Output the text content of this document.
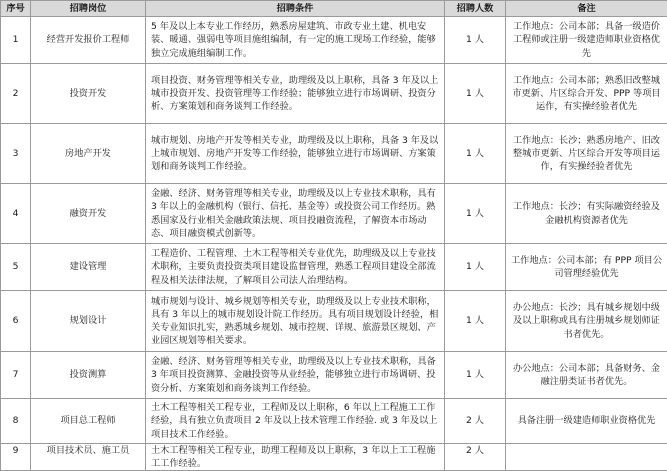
序号	招聘岗位	招聘条件	招聘人数	备注
1	经营开发报价工程师	5 年及以上本专业工作经历，熟悉房屋建筑、市政专业土建、机电安装、暖通、强弱电等项目施组编制，有一定的施工现场工作经验，能够独立完成施组编制工作。	1 人	工作地点：公司本部；具备一级造价工程师或注册一级建造师职业资格优先
2	投资开发	项目投资、财务管理等相关专业，助理级及以上职称，具备 3 年及以上城市投资开发、投资管理等工作经验；能够独立进行市场调研、投资分析、方案策划和商务谈判工作经验。	1 人	工作地点：公司本部；熟悉旧改整城市更新、片区综合开发、PPP 等项目运作，有实操经验者优先
3	房地产开发	城市规划、房地产开发等相关专业，助理级及以上职称，具备 3 年及以上城市规划、房地产开发等工作经验，能够独立进行市场调研、方案策划和商务谈判工作经验。	1 人	工作地点：长沙；熟悉房地产、旧改整城市更新、片区综合开发等项目运作，有实操经验者优先
4	融资开发	金融、经济、财务管理等相关专业，助理级及以上专业技术职称，具有 3 年以上的金融机构（银行、信托、基金等）或投资公司工作经历。熟悉国家及行业相关金融政策法规、项目投融资流程，了解资本市场动态、项目融资模式创新等。	1 人	工作地点：长沙；有实际融资经验及金融机构资源者优先
5	建设管理	工程造价、工程管理、土木工程等相关专业优先，助理级及以上专业技术职称，主要负责投资类项目建设监督管理，熟悉工程项目建设全部流程及相关法律法规，了解项目公司法人治理结构。	1 人	工作地点：公司本部；有 PPP 项目公司管理经验优先
6	规划设计	城市规划与设计、城乡规划等相关专业，助理级及以上专业技术职称，具有 3 年以上的城市规划设计院工作经历。具有项目规划设计经验，相关专业知识扎实，熟悉城乡规划、城市控规、详规、旅游景区规划、产业园区规划等相关要求。	1 人	办公地点：长沙；具有城乡规划中级及以上职称或具有注册城乡规划师证书者优先。
7	投资测算	金融、经济、财务管理等相关专业，助理级及以上专业技术职称，具备 3 年项目投资测算、金融投资等从业经验，能够独立进行市场调研、投资分析、方案策划和商务谈判工作经验。	1 人	办公地点：公司本部；具备财务、金融注册类证书者优先。
8	项目总工程师	土木工程等相关工程专业，工程师及以上职称，6 年以上工程施工工作经验，具有独立负责项目 2 年及以上技术管理工作经验. 或 3 年及以上项目技术工作经验。	2 人	具备注册一级建造师职业资格优先
9	项目技术员、施工员	土木工程等相关工程专业，助理工程师及以上职称，3 年以上工工程施工工作经验。	2 人	
